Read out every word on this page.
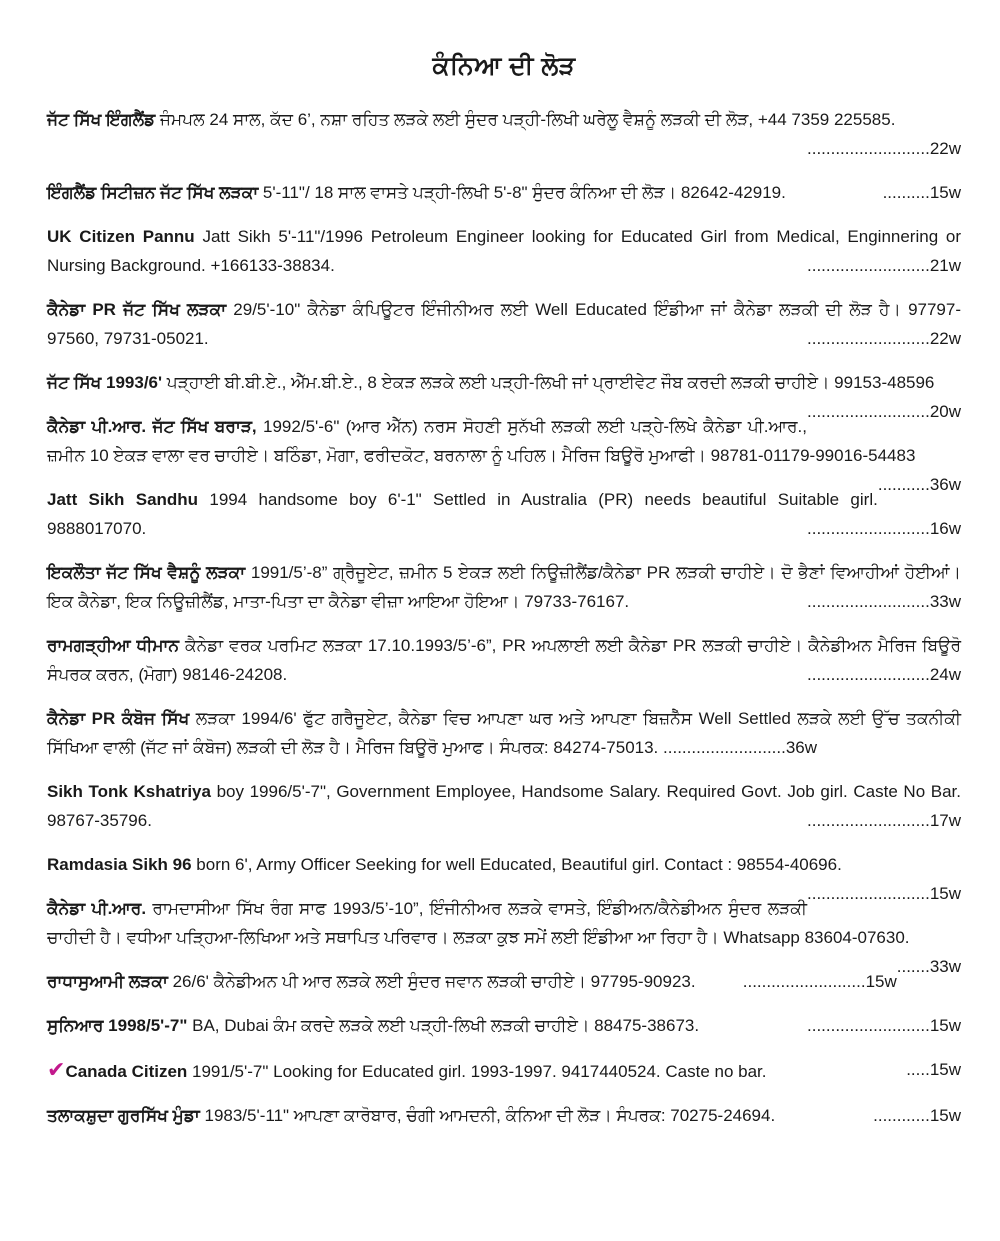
ਕੰਨਿਆ ਦੀ ਲੋੜ
ਜੱਟ ਸਿੱਖ ਇੰਗਲੈਂਡ ਜੰਮਪਲ 24 ਸਾਲ, ਕੱਦ 6’, ਨਸ਼ਾ ਰਹਿਤ ਲੜਕੇ ਲਈ ਸੁੰਦਰ ਪੜ੍ਹੀ-ਲਿਖੀ ਘਰੇਲੂ ਵੈਸ਼ਨੂੰ ਲੜਕੀ ਦੀ ਲੋੜ, +44 7359 225585.
..........................22w
ਇੰਗਲੈਂਡ ਸਿਟੀਜ਼ਨ ਜੱਟ ਸਿੱਖ ਲੜਕਾ 5'-11"/ 18 ਸਾਲ ਵਾਸਤੇ ਪੜ੍ਹੀ-ਲਿਖੀ 5'-8" ਸੁੰਦਰ ਕੰਨਿਆ ਦੀ ਲੋੜ। 82642-42919.	..........15w
UK Citizen Pannu Jatt Sikh 5'-11"/1996 Petroleum Engineer looking for Educated Girl from Medical, Enginnering or Nursing Background. +166133-38834.	..........................21w
ਕੈਨੇਡਾ PR ਜੱਟ ਸਿੱਖ ਲੜਕਾ 29/5'-10" ਕੈਨੇਡਾ ਕੰਪਿਊਟਰ ਇੰਜੀਨੀਅਰ ਲਈ Well Educated ਇੰਡੀਆ ਜਾਂ ਕੈਨੇਡਾ ਲੜਕੀ ਦੀ ਲੋੜ ਹੈ। 97797-97560, 79731-05021.	..........................22w
ਜੱਟ ਸਿੱਖ 1993/6' ਪੜ੍ਹਾਈ ਬੀ.ਬੀ.ਏ., ਐੱਮ.ਬੀ.ਏ., 8 ਏਕੜ ਲੜਕੇ ਲਈ ਪੜ੍ਹੀ-ਲਿਖੀ ਜਾਂ ਪ੍ਰਾਈਵੇਟ ਜੌਬ ਕਰਦੀ ਲੜਕੀ ਚਾਹੀਏ। 99153-48596
..........................20w
ਕੈਨੇਡਾ ਪੀ.ਆਰ. ਜੱਟ ਸਿੱਖ ਬਰਾੜ, 1992/5'-6" (ਆਰ ਐੱਨ) ਨਰਸ ਸੋਹਣੀ ਸੁਨੱਖੀ ਲੜਕੀ ਲਈ ਪੜ੍ਹੇ-ਲਿਖੇ ਕੈਨੇਡਾ ਪੀ.ਆਰ., ਜ਼ਮੀਨ 10 ਏਕੜ ਵਾਲਾ ਵਰ ਚਾਹੀਏ। ਬਠਿੰਡਾ, ਮੋਗਾ, ਫਰੀਦਕੋਟ, ਬਰਨਾਲਾ ਨੂੰ ਪਹਿਲ। ਮੈਰਿਜ ਬਿਊਰੋ ਮੁਆਫੀ। 98781-01179-99016-54483
...........36w
Jatt Sikh Sandhu 1994 handsome boy 6'-1" Settled in Australia (PR) needs beautiful Suitable girl. 9888017070.	..........................16w
ਇਕਲੌਤਾ ਜੱਟ ਸਿੱਖ ਵੈਸ਼ਨੂੰ ਲੜਕਾ 1991/5’-8” ਗ੍ਰੈਜੂਏਟ, ਜ਼ਮੀਨ 5 ਏਕੜ ਲਈ ਨਿਊਜ਼ੀਲੈਂਡ/ਕੈਨੇਡਾ PR ਲੜਕੀ ਚਾਹੀਏ। ਦੋ ਭੈਣਾਂ ਵਿਆਹੀਆਂ ਹੋਈਆਂ। ਇਕ ਕੈਨੇਡਾ, ਇਕ ਨਿਊਜ਼ੀਲੈਂਡ, ਮਾਤਾ-ਪਿਤਾ ਦਾ ਕੈਨੇਡਾ ਵੀਜ਼ਾ ਆਇਆ ਹੋਇਆ। 79733-76167.	..........................33w
ਰਾਮਗੜ੍ਹੀਆ ਧੀਮਾਨ ਕੈਨੇਡਾ ਵਰਕ ਪਰਮਿਟ ਲੜਕਾ 17.10.1993/5’-6”, PR ਅਪਲਾਈ ਲਈ ਕੈਨੇਡਾ PR ਲੜਕੀ ਚਾਹੀਏ। ਕੈਨੇਡੀਅਨ ਮੈਰਿਜ ਬਿਊਰੋ ਸੰਪਰਕ ਕਰਨ, (ਮੋਗਾ) 98146-24208.	..........................24w
ਕੈਨੇਡਾ PR ਕੰਬੋਜ ਸਿੱਖ ਲੜਕਾ 1994/6' ਫੁੱਟ ਗਰੈਜੂਏਟ, ਕੈਨੇਡਾ ਵਿਚ ਆਪਣਾ ਘਰ ਅਤੇ ਆਪਣਾ ਬਿਜ਼ਨੈੱਸ Well Settled ਲੜਕੇ ਲਈ ਉੱਚ ਤਕਨੀਕੀ ਸਿੱਖਿਆ ਵਾਲੀ (ਜੱਟ ਜਾਂ ਕੰਬੋਜ) ਲੜਕੀ ਦੀ ਲੋੜ ਹੈ। ਮੈਰਿਜ ਬਿਊਰੋ ਮੁਆਫ। ਸੰਪਰਕ: 84274-75013. ..........................36w
Sikh Tonk Kshatriya boy 1996/5'-7", Government Employee, Handsome Salary. Required Govt. Job girl. Caste No Bar. 98767-35796.	..........................17w
Ramdasia Sikh 96 born 6', Army Officer Seeking for well Educated, Beautiful girl. Contact : 98554-40696.
..........................15w
ਕੈਨੇਡਾ ਪੀ.ਆਰ. ਰਾਮਦਾਸੀਆ ਸਿੱਖ ਰੰਗ ਸਾਫ 1993/5’-10”, ਇੰਜੀਨੀਅਰ ਲੜਕੇ ਵਾਸਤੇ, ਇੰਡੀਅਨ/ਕੈਨੇਡੀਅਨ ਸੁੰਦਰ ਲੜਕੀ ਚਾਹੀਦੀ ਹੈ। ਵਧੀਆ ਪੜ੍ਹਿਆ-ਲਿਖਿਆ ਅਤੇ ਸਥਾਪਿਤ ਪਰਿਵਾਰ। ਲੜਕਾ ਕੁਝ ਸਮੇਂ ਲਈ ਇੰਡੀਆ ਆ ਰਿਹਾ ਹੈ। Whatsapp 83604-07630.
.......33w
ਰਾਧਾਸੁਆਮੀ ਲੜਕਾ 26/6' ਕੈਨੇਡੀਅਨ ਪੀ ਆਰ ਲੜਕੇ ਲਈ ਸੁੰਦਰ ਜਵਾਨ ਲੜਕੀ ਚਾਹੀਏ। 97795-90923.	..........................15w
ਸੁਨਿਆਰ 1998/5'-7" BA, Dubai ਕੰਮ ਕਰਦੇ ਲੜਕੇ ਲਈ ਪੜ੍ਹੀ-ਲਿਖੀ ਲੜਕੀ ਚਾਹੀਏ। 88475-38673.	..........................15w
✔Canada Citizen 1991/5'-7" Looking for Educated girl. 1993-1997. 9417440524. Caste no bar.	.....15w
ਤਲਾਕਸ਼ੁਦਾ ਗੁਰਸਿੱਖ ਮੁੰਡਾ 1983/5'-11" ਆਪਣਾ ਕਾਰੋਬਾਰ, ਚੰਗੀ ਆਮਦਨੀ, ਕੰਨਿਆ ਦੀ ਲੋੜ। ਸੰਪਰਕ: 70275-24694.	............15w
